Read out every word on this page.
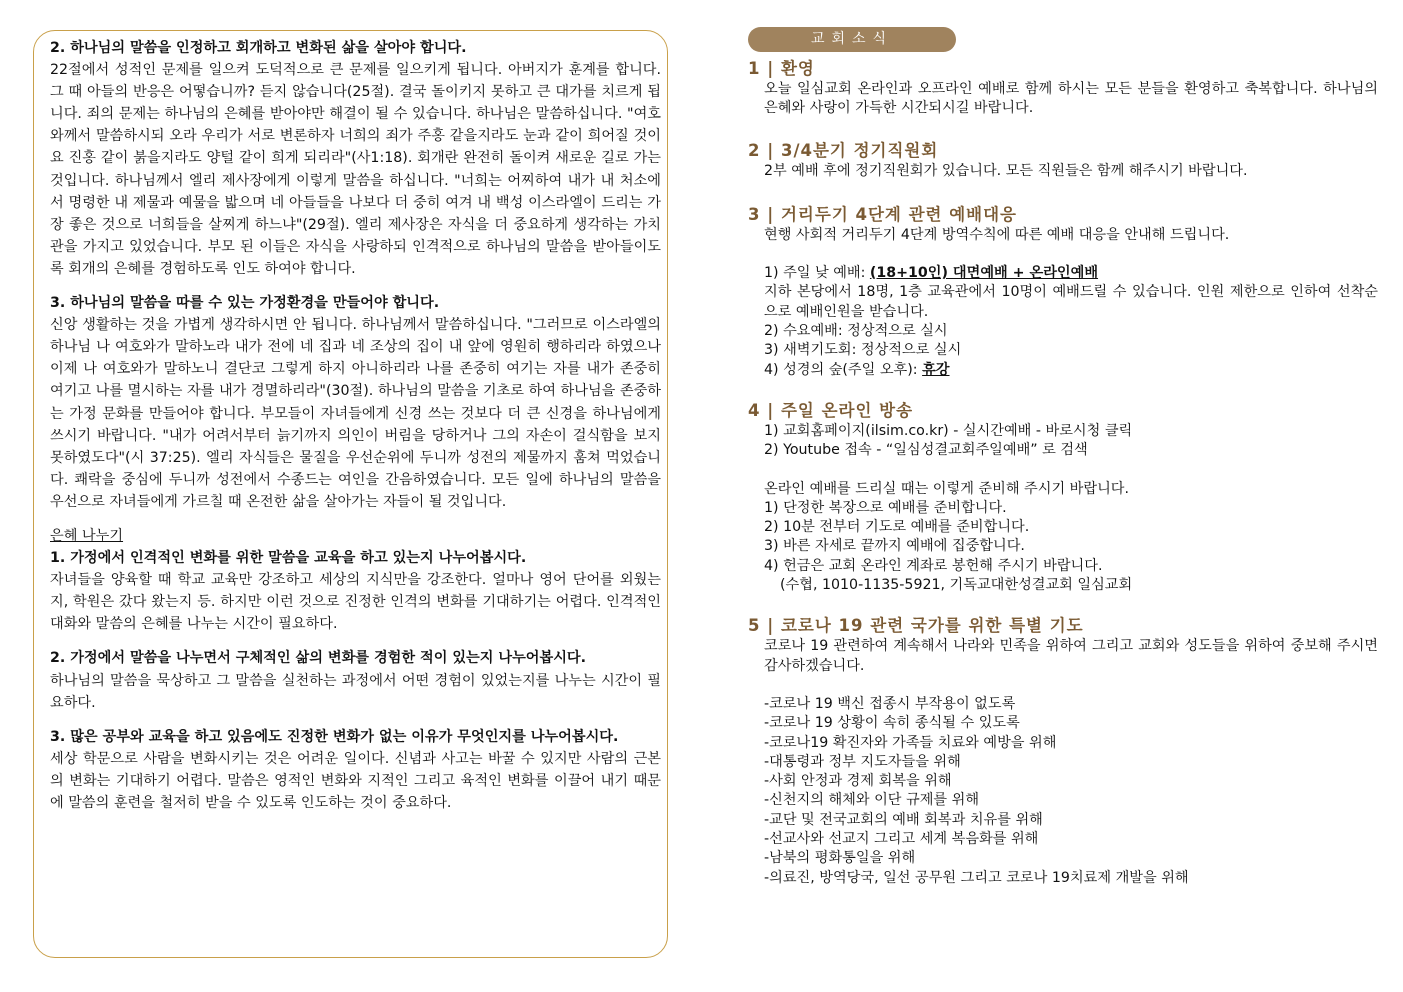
2. 하나님의 말씀을 인정하고 회개하고 변화된 삶을 살아야 합니다.

22절에서 성적인 문제를 일으켜 도덕적으로 큰 문제를 일으키게 됩니다. 아버지가 훈계를 합니다. 그 때 아들의 반응은 어떻습니까? 듣지 않습니다(25절). 결국 돌이키지 못하고 큰 대가를 치르게 됩니다. 죄의 문제는 하나님의 은혜를 받아야만 해결이 될 수 있습니다. 하나님은 말씀하십니다. "여호와께서 말씀하시되 오라 우리가 서로 변론하자 너희의 죄가 주홍 같을지라도 눈과 같이 희어질 것이요 진홍 같이 붉을지라도 양털 같이 희게 되리라"(사1:18). 회개란 완전히 돌이켜 새로운 길로 가는 것입니다. 하나님께서 엘리 제사장에게 이렇게 말씀을 하십니다. "너희는 어찌하여 내가 내 처소에서 명령한 내 제물과 예물을 밟으며 네 아들들을 나보다 더 중히 여겨 내 백성 이스라엘이 드리는 가장 좋은 것으로 너희들을 살찌게 하느냐"(29절). 엘리 제사장은 자식을 더 중요하게 생각하는 가치관을 가지고 있었습니다. 부모 된 이들은 자식을 사랑하되 인격적으로 하나님의 말씀을 받아들이도록 회개의 은혜를 경험하도록 인도 하여야 합니다.

3. 하나님의 말씀을 따를 수 있는 가정환경을 만들어야 합니다.

신앙 생활하는 것을 가볍게 생각하시면 안 됩니다. 하나님께서 말씀하십니다. "그러므로 이스라엘의 하나님 나 여호와가 말하노라 내가 전에 네 집과 네 조상의 집이 내 앞에 영원히 행하리라 하였으나 이제 나 여호와가 말하노니 결단코 그렇게 하지 아니하리라 나를 존중히 여기는 자를 내가 존중히 여기고 나를 멸시하는 자를 내가 경멸하리라"(30절). 하나님의 말씀을 기초로 하여 하나님을 존중하는 가정 문화를 만들어야 합니다. 부모들이 자녀들에게 신경 쓰는 것보다 더 큰 신경을 하나님에게 쓰시기 바랍니다. "내가 어려서부터 늙기까지 의인이 버림을 당하거나 그의 자손이 걸식함을 보지 못하였도다"(시 37:25). 엘리 자식들은 물질을 우선순위에 두니까 성전의 제물까지 훔쳐 먹었습니다. 쾌락을 중심에 두니까 성전에서 수종드는 여인을 간음하였습니다. 모든 일에 하나님의 말씀을 우선으로 자녀들에게 가르칠 때 온전한 삶을 살아가는 자들이 될 것입니다.

은혜 나누기

1. 가정에서 인격적인 변화를 위한 말씀을 교육을 하고 있는지 나누어봅시다.

자녀들을 양육할 때 학교 교육만 강조하고 세상의 지식만을 강조한다. 얼마나 영어 단어를 외웠는지, 학원은 갔다 왔는지 등. 하지만 이런 것으로 진정한 인격의 변화를 기대하기는 어렵다. 인격적인 대화와 말씀의 은혜를 나누는 시간이 필요하다.

2. 가정에서 말씀을 나누면서 구체적인 삶의 변화를 경험한 적이 있는지 나누어봅시다.

하나님의 말씀을 묵상하고 그 말씀을 실천하는 과정에서 어떤 경험이 있었는지를 나누는 시간이 필요하다.

3. 많은 공부와 교육을 하고 있음에도 진정한 변화가 없는 이유가 무엇인지를 나누어봅시다.

세상 학문으로 사람을 변화시키는 것은 어려운 일이다. 신념과 사고는 바꿀 수 있지만 사람의 근본의 변화는 기대하기 어렵다. 말씀은 영적인 변화와 지적인 그리고 육적인 변화를 이끌어 내기 때문에 말씀의 훈련을 철저히 받을 수 있도록 인도하는 것이 중요하다.

교회소식

1 | 환영

오늘 일심교회 온라인과 오프라인 예배로 함께 하시는 모든 분들을 환영하고 축복합니다. 하나님의 은혜와 사랑이 가득한 시간되시길 바랍니다.

2 | 3/4분기 정기직원회

2부 예배 후에 정기직원회가 있습니다. 모든 직원들은 함께 해주시기 바랍니다.

3 | 거리두기 4단계 관련 예배대응

현행 사회적 거리두기 4단계 방역수칙에 따른 예배 대응을 안내해 드립니다.

1) 주일 낮 예배: (18+10인) 대면예배 + 온라인예배

지하 본당에서 18명, 1층 교육관에서 10명이 예배드릴 수 있습니다. 인원 제한으로 인하여 선착순으로 예배인원을 받습니다.

2) 수요예배: 정상적으로 실시

3) 새벽기도회: 정상적으로 실시

4) 성경의 숲(주일 오후): 휴강

4 | 주일 온라인 방송

1) 교회홈페이지(ilsim.co.kr) - 실시간예배 - 바로시청 클릭

2) Youtube 접속 - “일심성결교회주일예배” 로 검색

온라인 예배를 드리실 때는 이렇게 준비해 주시기 바랍니다.

1) 단정한 복장으로 예배를 준비합니다.

2) 10분 전부터 기도로 예배를 준비합니다.

3) 바른 자세로 끝까지 예배에 집중합니다.

4) 헌금은 교회 온라인 계좌로 봉헌해 주시기 바랍니다.

(수협, 1010-1135-5921, 기독교대한성결교회 일심교회

5 | 코로나 19 관련 국가를 위한 특별 기도

코로나 19 관련하여 계속해서 나라와 민족을 위하여 그리고 교회와 성도들을 위하여 중보해 주시면 감사하겠습니다.

-코로나 19 백신 접종시 부작용이 없도록

-코로나 19 상황이 속히 종식될 수 있도록

-코로나19 확진자와 가족들 치료와 예방을 위해

-대통령과 정부 지도자들을 위해

-사회 안정과 경제 회복을 위해

-신천지의 해체와 이단 규제를 위해

-교단 및 전국교회의 예배 회복과 치유를 위해

-선교사와 선교지 그리고 세계 복음화를 위해

-남북의 평화통일을 위해

-의료진, 방역당국, 일선 공무원 그리고 코로나 19치료제 개발을 위해
